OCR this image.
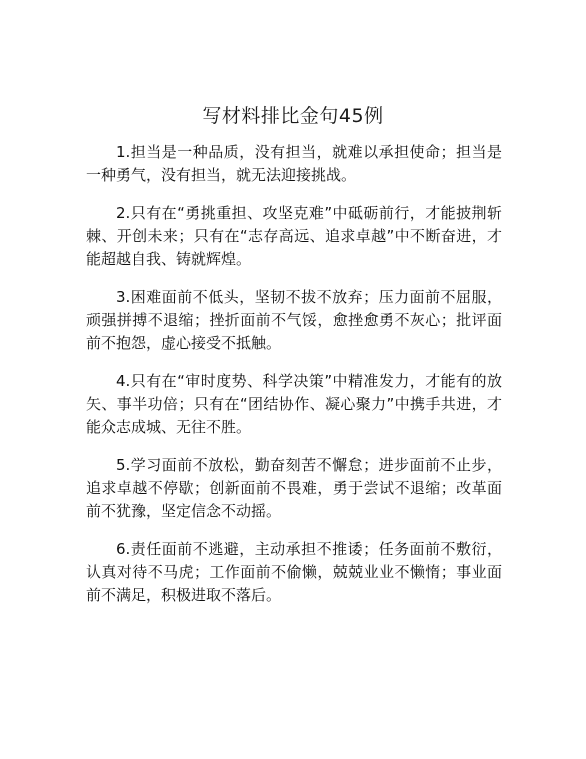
写材料排比金句45例

1.担当是一种品质，没有担当，就难以承担使命；担当是一种勇气，没有担当，就无法迎接挑战。

2.只有在“勇挑重担、攻坚克难”中砥砺前行，才能披荆斩棘、开创未来；只有在“志存高远、追求卓越”中不断奋进，才能超越自我、铸就辉煌。

3.困难面前不低头，坚韧不拔不放弃；压力面前不屈服，顽强拼搏不退缩；挫折面前不气馁，愈挫愈勇不灰心；批评面前不抱怨，虚心接受不抵触。

4.只有在“审时度势、科学决策”中精准发力，才能有的放矢、事半功倍；只有在“团结协作、凝心聚力”中携手共进，才能众志成城、无往不胜。

5.学习面前不放松，勤奋刻苦不懈怠；进步面前不止步，追求卓越不停歇；创新面前不畏难，勇于尝试不退缩；改革面前不犹豫，坚定信念不动摇。

6.责任面前不逃避，主动承担不推诿；任务面前不敷衍，认真对待不马虎；工作面前不偷懒，兢兢业业不懒惰；事业面前不满足，积极进取不落后。
